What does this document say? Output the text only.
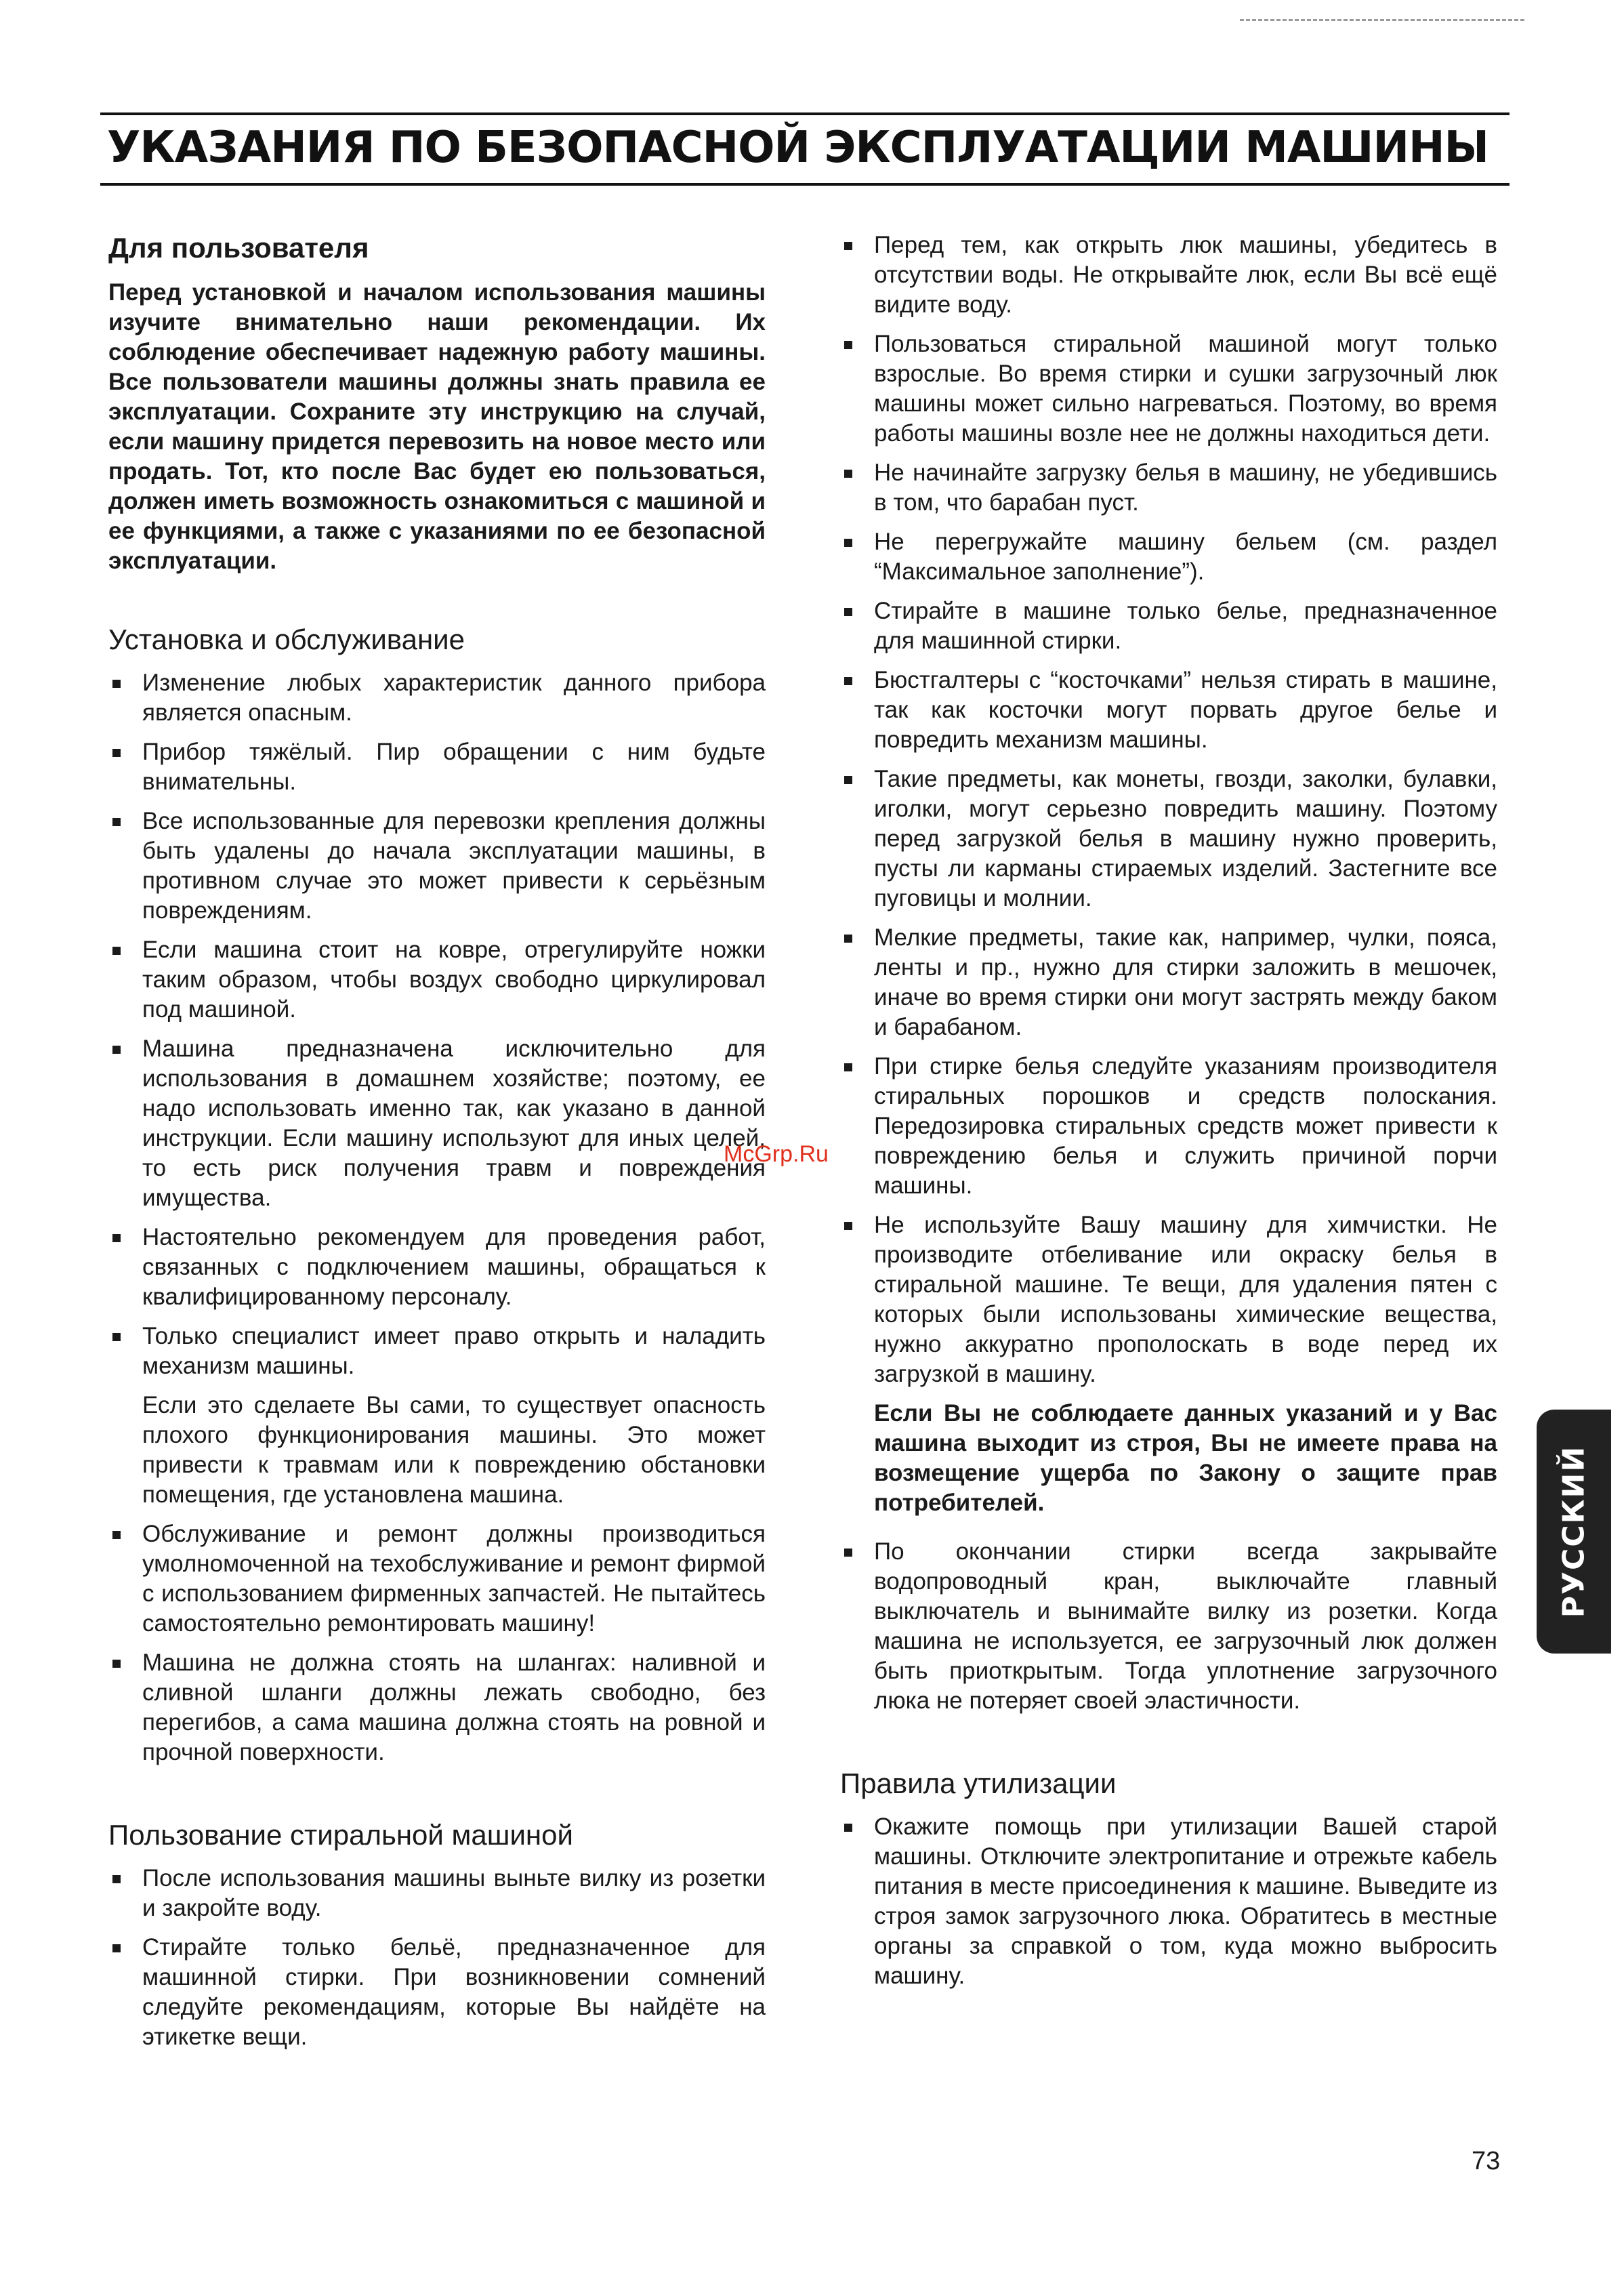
УКАЗАНИЯ ПО БЕЗОПАСНОЙ ЭКСПЛУАТАЦИИ МАШИНЫ
Для пользователя

Перед установкой и началом использования машины изучите внимательно наши рекомендации. Их соблюдение обеспечивает надежную работу машины. Все пользователи машины должны знать правила ее эксплуатации. Сохраните эту инструкцию на случай, если машину придется перевозить на новое место или продать. Тот, кто после Вас будет ею пользоваться, должен иметь возможность ознакомиться с машиной и ее функциями, а также с указаниями по ее безопасной эксплуатации.

Установка и обслуживание
Изменение любых характеристик данного прибора является опасным.
Прибор тяжёлый. Пир обращении с ним будьте внимательны.
Все использованные для перевозки крепления должны быть удалены до начала эксплуатации машины, в противном случае это может привести к серьёзным повреждениям.
Если машина стоит на ковре, отрегулируйте ножки таким образом, чтобы воздух свободно циркулировал под машиной.
Машина предназначена исключительно для использования в домашнем хозяйстве; поэтому, ее надо использовать именно так, как указано в данной инструкции. Если машину используют для иных целей, то есть риск получения травм и повреждения имущества.
Настоятельно рекомендуем для проведения работ, связанных с подключением машины, обращаться к квалифицированному персоналу.
Только специалист имеет право открыть и наладить механизм машины.

Если это сделаете Вы сами, то существует опасность плохого функционирования машины. Это может привести к травмам или к повреждению обстановки помещения, где установлена машина.

Обслуживание и ремонт должны производиться умолномоченной на техобслуживание и ремонт фирмой с использованием фирменных запчастей. Не пытайтесь самостоятельно ремонтировать машину!
Машина не должна стоять на шлангах: наливной и сливной шланги должны лежать свободно, без перегибов, а сама машина должна стоять на ровной и прочной поверхности.
Пользование стиральной машиной
После использования машины выньте вилку из розетки и закройте воду.
Стирайте только бельё, предназначенное для машинной стирки. При возникновении сомнений следуйте рекомендациям, которые Вы найдёте на этикетке вещи.
Перед тем, как открыть люк машины, убедитесь в отсутствии воды. Не открывайте люк, если Вы всё ещё видите воду.
Пользоваться стиральной машиной могут только взрослые. Во время стирки и сушки загрузочный люк машины может сильно нагреваться. Поэтому, во время работы машины возле нее не должны находиться дети.
Не начинайте загрузку белья в машину, не убедившись в том, что барабан пуст.
Не перегружайте машину бельем (см. раздел “Максимальное заполнение”).
Стирайте в машине только белье, предназначенное для машинной стирки.
Бюстгалтеры с “косточками” нельзя стирать в машине, так как косточки могут порвать другое белье и повредить механизм машины.
Такие предметы, как монеты, гвозди, заколки, булавки, иголки, могут серьезно повредить машину. Поэтому перед загрузкой белья в машину нужно проверить, пусты ли карманы стираемых изделий. Застегните все пуговицы и молнии.
Мелкие предметы, такие как, например, чулки, пояса, ленты и пр., нужно для стирки заложить в мешочек, иначе во время стирки они могут застрять между баком и барабаном.
При стирке белья следуйте указаниям производителя стиральных порошков и средств полоскания. Передозировка стиральных средств может привести к повреждению белья и служить причиной порчи машины.
Не используйте Вашу машину для химчистки. Не производите отбеливание или окраску белья в стиральной машине. Те вещи, для удаления пятен с которых были использованы химические вещества, нужно аккуратно прополоскать в воде перед их загрузкой в машину.

Если Вы не соблюдаете данных указаний и у Вас машина выходит из строя, Вы не имеете права на возмещение ущерба по Закону о защите прав потребителей.

По окончании стирки всегда закрывайте водопроводный кран, выключайте главный выключатель и вынимайте вилку из розетки. Когда машина не используется, ее загрузочный люк должен быть приоткрытым. Тогда уплотнение загрузочного люка не потеряет своей эластичности.
Правила утилизации
Окажите помощь при утилизации Вашей старой машины. Отключите электропитание и отрежьте кабель питания в месте присоединения к машине. Выведите из строя замок загрузочного люка. Обратитесь в местные органы за справкой о том, куда можно выбросить машину.
McGrp.Ru
РУССКИЙ
73
